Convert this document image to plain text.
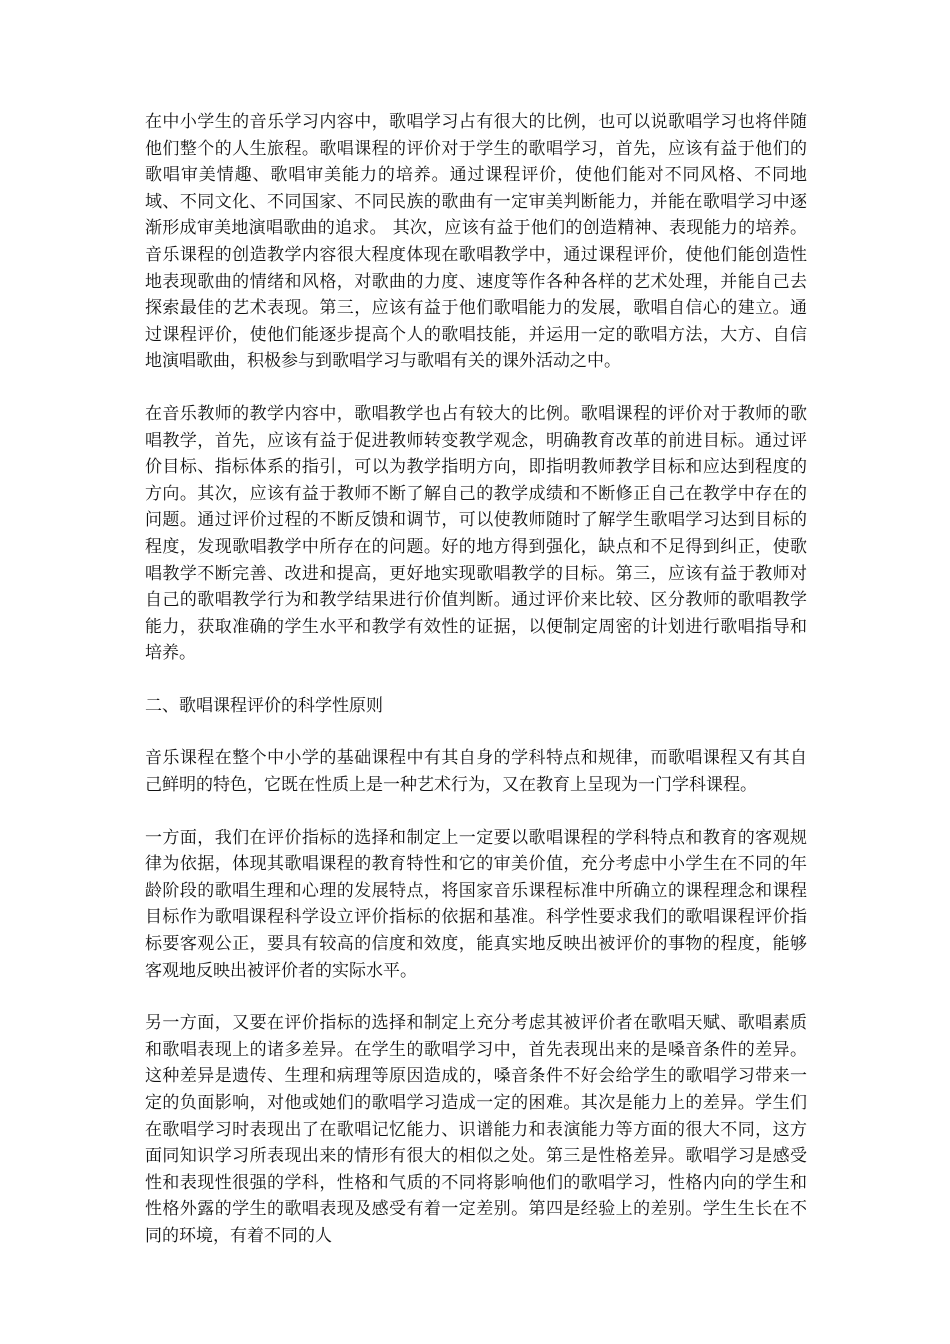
在中小学生的音乐学习内容中，歌唱学习占有很大的比例，也可以说歌唱学习也将伴随他们整个的人生旅程。歌唱课程的评价对于学生的歌唱学习，首先，应该有益于他们的歌唱审美情趣、歌唱审美能力的培养。通过课程评价，使他们能对不同风格、不同地域、不同文化、不同国家、不同民族的歌曲有一定审美判断能力，并能在歌唱学习中逐渐形成审美地演唱歌曲的追求。 其次，应该有益于他们的创造精神、表现能力的培养。音乐课程的创造教学内容很大程度体现在歌唱教学中，通过课程评价，使他们能创造性地表现歌曲的情绪和风格，对歌曲的力度、速度等作各种各样的艺术处理，并能自己去探索最佳的艺术表现。第三，应该有益于他们歌唱能力的发展，歌唱自信心的建立。通过课程评价，使他们能逐步提高个人的歌唱技能，并运用一定的歌唱方法，大方、自信地演唱歌曲，积极参与到歌唱学习与歌唱有关的课外活动之中。

在音乐教师的教学内容中，歌唱教学也占有较大的比例。歌唱课程的评价对于教师的歌唱教学，首先，应该有益于促进教师转变教学观念，明确教育改革的前进目标。通过评价目标、指标体系的指引，可以为教学指明方向，即指明教师教学目标和应达到程度的方向。其次，应该有益于教师不断了解自己的教学成绩和不断修正自己在教学中存在的问题。通过评价过程的不断反馈和调节，可以使教师随时了解学生歌唱学习达到目标的程度，发现歌唱教学中所存在的问题。好的地方得到强化，缺点和不足得到纠正，使歌唱教学不断完善、改进和提高，更好地实现歌唱教学的目标。第三，应该有益于教师对自己的歌唱教学行为和教学结果进行价值判断。通过评价来比较、区分教师的歌唱教学能力，获取准确的学生水平和教学有效性的证据，以便制定周密的计划进行歌唱指导和培养。

二、歌唱课程评价的科学性原则

音乐课程在整个中小学的基础课程中有其自身的学科特点和规律，而歌唱课程又有其自己鲜明的特色，它既在性质上是一种艺术行为，又在教育上呈现为一门学科课程。

一方面，我们在评价指标的选择和制定上一定要以歌唱课程的学科特点和教育的客观规律为依据，体现其歌唱课程的教育特性和它的审美价值，充分考虑中小学生在不同的年龄阶段的歌唱生理和心理的发展特点，将国家音乐课程标准中所确立的课程理念和课程目标作为歌唱课程科学设立评价指标的依据和基准。科学性要求我们的歌唱课程评价指标要客观公正，要具有较高的信度和效度，能真实地反映出被评价的事物的程度，能够客观地反映出被评价者的实际水平。

另一方面，又要在评价指标的选择和制定上充分考虑其被评价者在歌唱天赋、歌唱素质和歌唱表现上的诸多差异。在学生的歌唱学习中，首先表现出来的是嗓音条件的差异。这种差异是遗传、生理和病理等原因造成的，嗓音条件不好会给学生的歌唱学习带来一定的负面影响，对他或她们的歌唱学习造成一定的困难。其次是能力上的差异。学生们在歌唱学习时表现出了在歌唱记忆能力、识谱能力和表演能力等方面的很大不同，这方面同知识学习所表现出来的情形有很大的相似之处。第三是性格差异。歌唱学习是感受性和表现性很强的学科，性格和气质的不同将影响他们的歌唱学习，性格内向的学生和性格外露的学生的歌唱表现及感受有着一定差别。第四是经验上的差别。学生生长在不同的环境，有着不同的人
